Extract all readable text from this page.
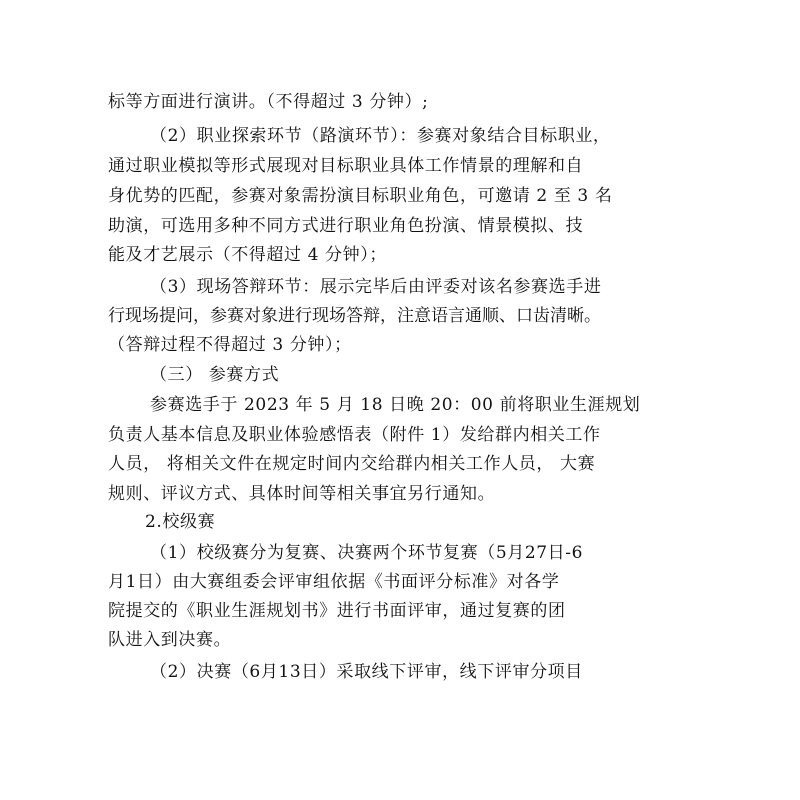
标等方面进行演讲。（不得超过 3 分钟）;
（2）职业探索环节（路演环节）：参赛对象结合目标职业，
通过职业模拟等形式展现对目标职业具体工作情景的理解和自
身优势的匹配，参赛对象需扮演目标职业角色，可邀请 2 至 3 名
助演，可选用多种不同方式进行职业角色扮演、情景模拟、技
能及才艺展示（不得超过 4 分钟）；
（3）现场答辩环节：展示完毕后由评委对该名参赛选手进
行现场提问，参赛对象进行现场答辩，注意语言通顺、口齿清晰。
（答辩过程不得超过 3 分钟）；
（三） 参赛方式
参赛选手于 2023 年 5 月 18 日晚 20：00 前将职业生涯规划
负责人基本信息及职业体验感悟表（附件 1）发给群内相关工作
人员， 将相关文件在规定时间内交给群内相关工作人员， 大赛
规则、评议方式、具体时间等相关事宜另行通知。
2.校级赛
（1）校级赛分为复赛、决赛两个环节复赛（5月27日-6
月1日）由大赛组委会评审组依据《书面评分标准》对各学
院提交的《职业生涯规划书》进行书面评审，通过复赛的团
队进入到决赛。
（2）决赛（6月13日）采取线下评审，线下评审分项目
